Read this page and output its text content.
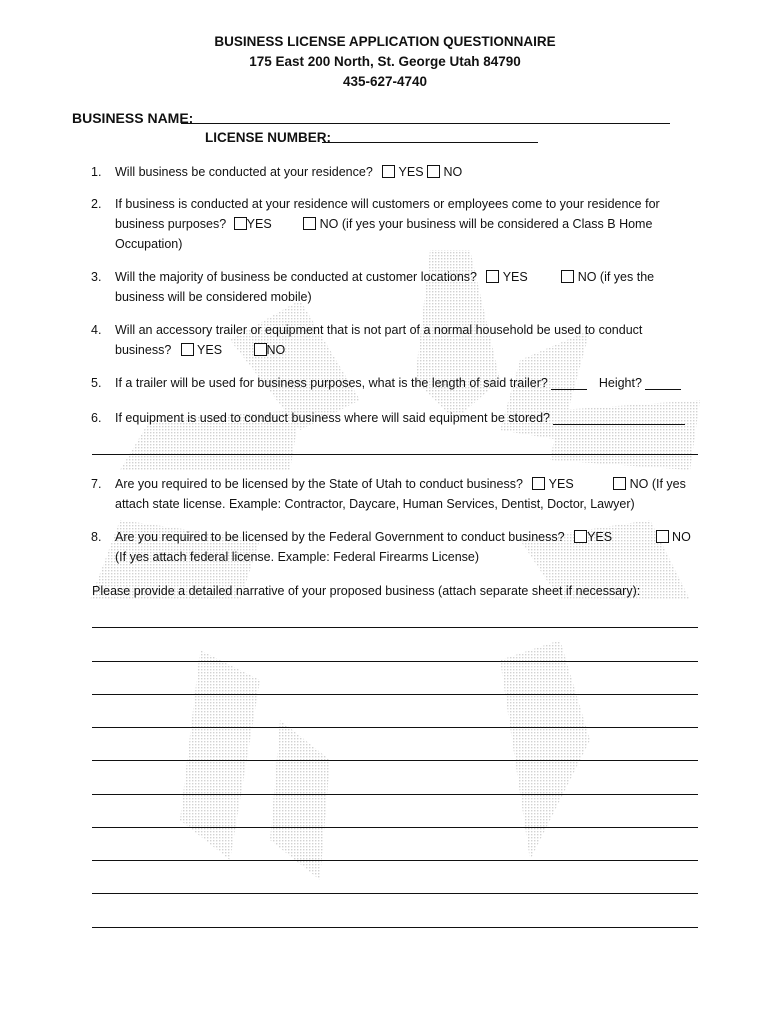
BUSINESS LICENSE APPLICATION QUESTIONNAIRE
175 East 200 North, St. George Utah 84790
435-627-4740
BUSINESS NAME:
LICENSE NUMBER:
1.	Will business be conducted at your residence? YES NO
2.	If business is conducted at your residence will customers or employees come to your residence for
business purposes? YES	NO (if yes your business will be considered a Class B Home
Occupation)
3.	Will the majority of business be conducted at customer locations? YES	NO (if yes the
business will be considered mobile)
4.	Will an accessory trailer or equipment that is not part of a normal household be used to conduct
business? YES	NO
5.	If a trailer will be used for business purposes, what is the length of said trailer?	Height?
6.	If equipment is used to conduct business where will said equipment be stored?
7.	Are you required to be licensed by the State of Utah to conduct business? YES	NO (If yes
attach state license. Example: Contractor, Daycare, Human Services, Dentist, Doctor, Lawyer)
8.	Are you required to be licensed by the Federal Government to conduct business? YES	NO
(If yes attach federal license. Example: Federal Firearms License)
Please provide a detailed narrative of your proposed business (attach separate sheet if necessary):
